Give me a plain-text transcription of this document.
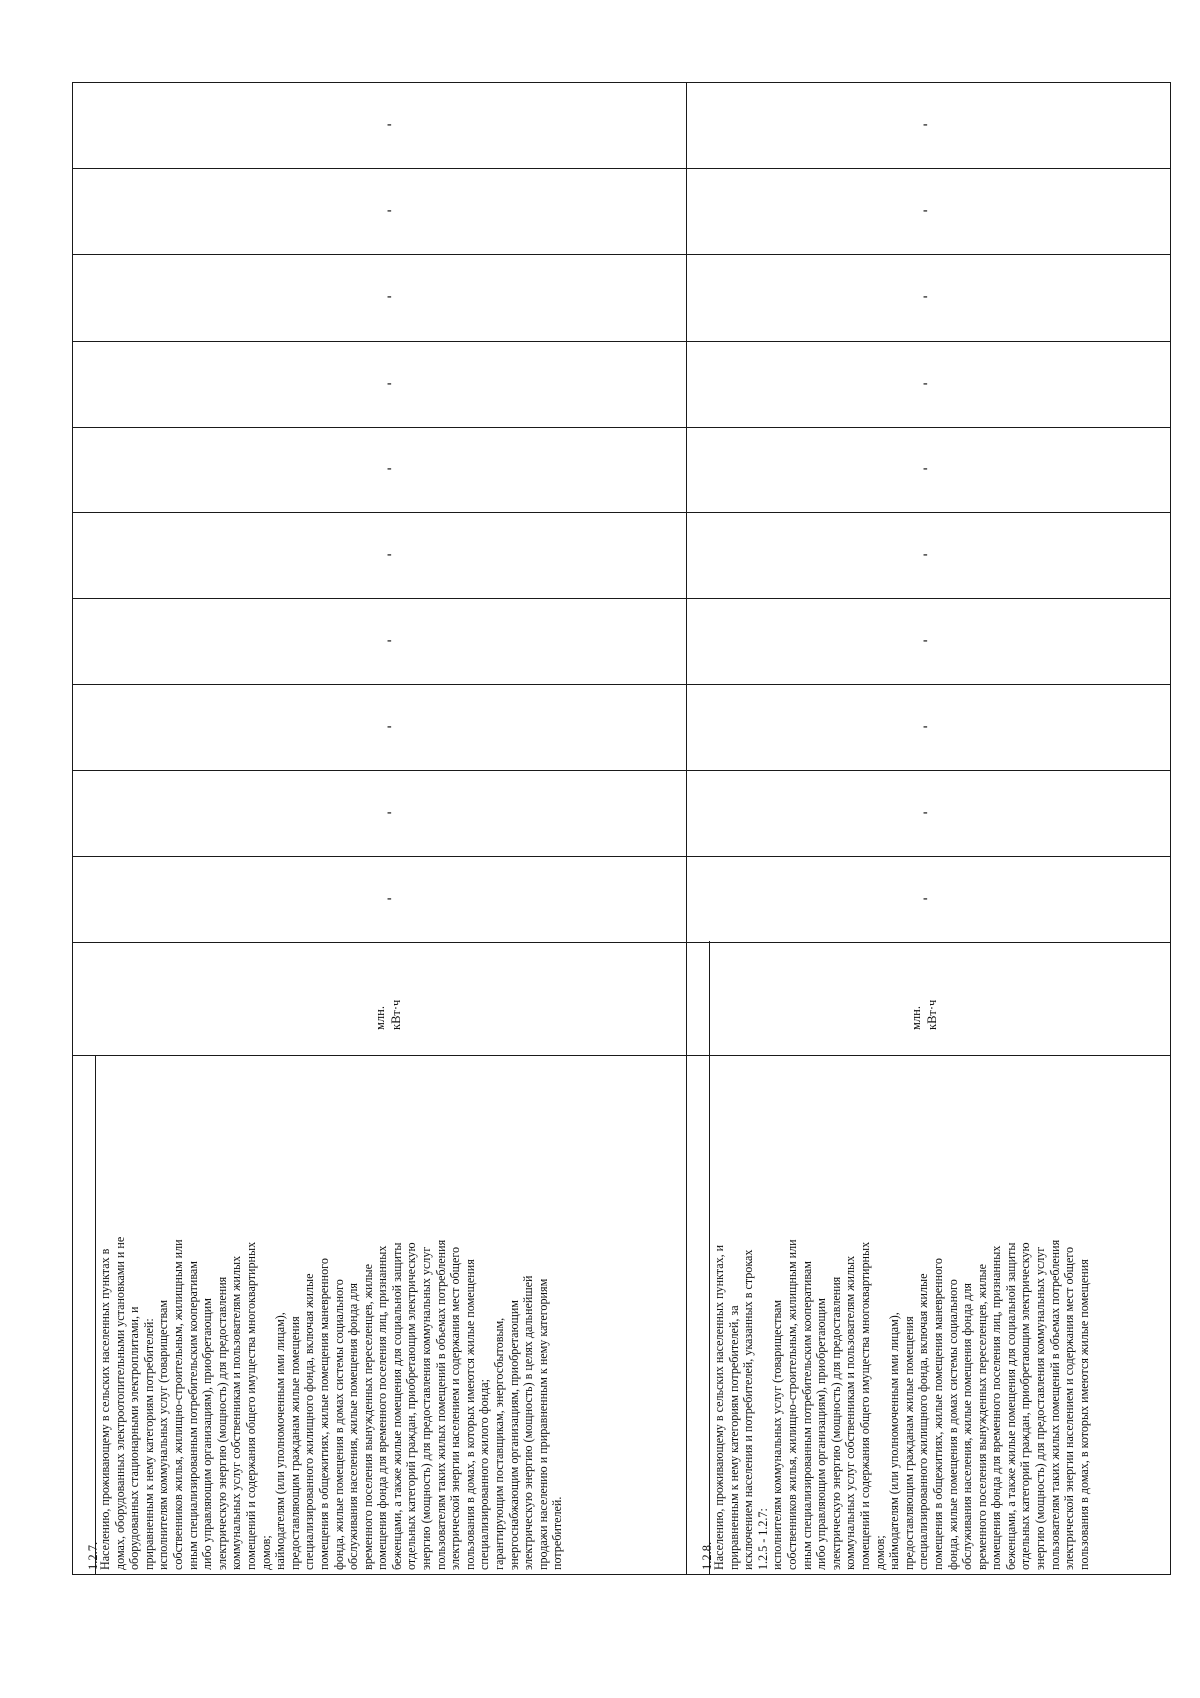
1.2.7.
Населению, проживающему в сельских населенных пунктах в
домах, оборудованных электроотопительными установками и не
оборудованных стационарными электроплитами, и
приравненным к нему категориям потребителей:
исполнителям коммунальных услуг (товариществам
собственников жилья, жилищно-строительным, жилищным или
иным специализированным потребительским кооперативам
либо управляющим организациям), приобретающим
электрическую энергию (мощность) для предоставления
коммунальных услуг собственникам и пользователям жилых
помещений и содержания общего имущества многоквартирных
домов;
наймодателям (или уполномоченным ими лицам),
предоставляющим гражданам жилые помещения
специализированного жилищного фонда, включая жилые
помещения в общежитиях, жилые помещения маневренного
фонда, жилые помещения в домах системы социального
обслуживания населения, жилые помещения фонда для
временного поселения вынужденных переселенцев, жилые
помещения фонда для временного поселения лиц, признанных
беженцами, а также жилые помещения для социальной защиты
отдельных категорий граждан, приобретающим электрическую
энергию (мощность) для предоставления коммунальных услуг
пользователям таких жилых помещений в объемах потребления
электрической энергии населением и содержания мест общего
пользования в домах, в которых имеются жилые помещения
специализированного жилого фонда;
гарантирующим поставщикам, энергосбытовым,
энергоснабжающим организациям, приобретающим
электрическую энергию (мощность) в целях дальнейшей
продажи населению и приравненным к нему категориям
потребителей.
млн.
кВт·ч
-
-
-
-
-
-
-
-
-
-
1.2.8.
Населению, проживающему в сельских населенных пунктах, и
приравненным к нему категориям потребителей, за
исключением населения и потребителей, указанных в строках
1.2.5 - 1.2.7:
исполнителям коммунальных услуг (товариществам
собственников жилья, жилищно-строительным, жилищным или
иным специализированным потребительским кооперативам
либо управляющим организациям), приобретающим
электрическую энергию (мощность) для предоставления
коммунальных услуг собственникам и пользователям жилых
помещений и содержания общего имущества многоквартирных
домов;
наймодателям (или уполномоченным ими лицам),
предоставляющим гражданам жилые помещения
специализированного жилищного фонда, включая жилые
помещения в общежитиях, жилые помещения маневренного
фонда, жилые помещения в домах системы социального
обслуживания населения, жилые помещения фонда для
временного поселения вынужденных переселенцев, жилые
помещения фонда для временного поселения лиц, признанных
беженцами, а также жилые помещения для социальной защиты
отдельных категорий граждан, приобретающим электрическую
энергию (мощность) для предоставления коммунальных услуг
пользователям таких жилых помещений в объемах потребления
электрической энергии населением и содержания мест общего
пользования в домах, в которых имеются жилые помещения
млн.
кВт·ч
-
-
-
-
-
-
-
-
-
-
